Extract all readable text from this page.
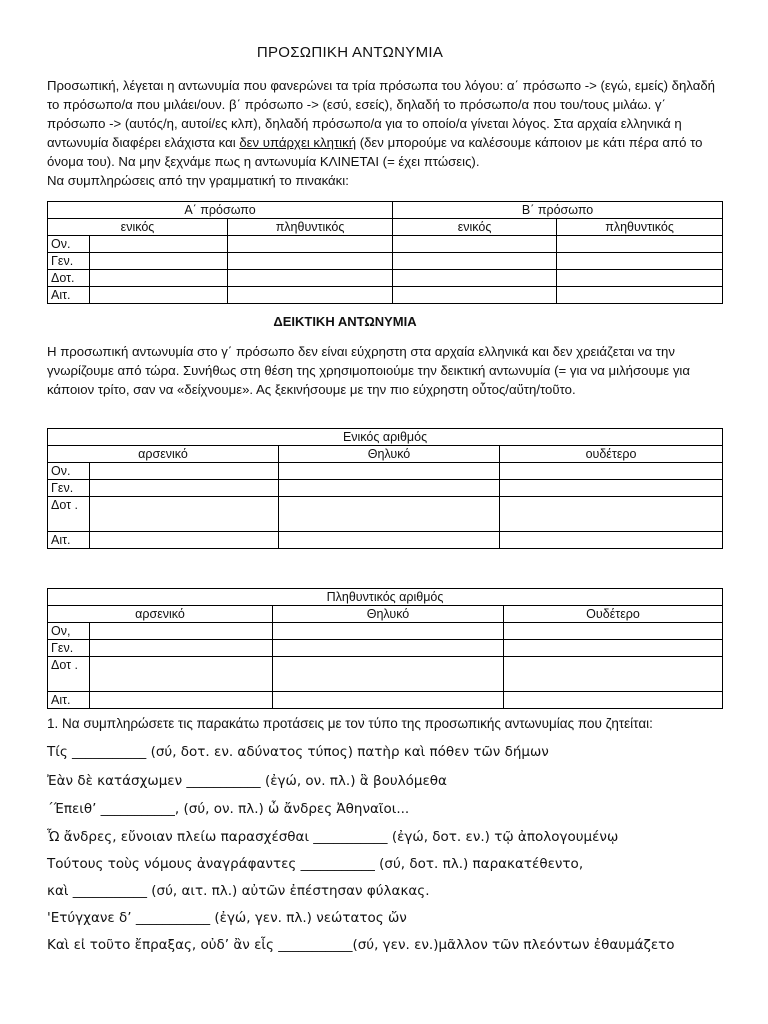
ΠΡΟΣΩΠΙΚΗ ΑΝΤΩΝΥΜΙΑ
Προσωπική, λέγεται η αντωνυμία που φανερώνει τα τρία πρόσωπα του λόγου: α΄ πρόσωπο -> (εγώ, εμείς) δηλαδή το πρόσωπο/α που μιλάει/ουν. β΄ πρόσωπο -> (εσύ, εσείς), δηλαδή το πρόσωπο/α που του/τους μιλάω. γ΄ πρόσωπο -> (αυτός/η, αυτοί/ες κλπ), δηλαδή πρόσωπο/α για το οποίο/α γίνεται λόγος. Στα αρχαία ελληνικά η αντωνυμία διαφέρει ελάχιστα και δεν υπάρχει κλητική (δεν μπορούμε να καλέσουμε κάποιον με κάτι πέρα από το όνομα του). Να μην ξεχνάμε πως η αντωνυμία ΚΛΙΝΕΤΑΙ (= έχει πτώσεις).
Να συμπληρώσεις από την γραμματική το πινακάκι:
Α΄ πρόσωπο			Β΄ πρόσωπο	
ενικός		πληθυντικός	ενικός	πληθυντικός
Ον.				
Γεν.				
Δοτ.				
Αιτ.				
ΔΕΙΚΤΙΚΗ ΑΝΤΩΝΥΜΙΑ
Η προσωπική αντωνυμία στο γ΄ πρόσωπο δεν είναι εύχρηστη στα αρχαία ελληνικά και δεν χρειάζεται να την γνωρίζουμε από τώρα. Συνήθως στη θέση της χρησιμοποιούμε την δεικτική αντωνυμία (= για να μιλήσουμε για κάποιον τρίτο, σαν να «δείχνουμε». Ας ξεκινήσουμε με την πιο εύχρηστη οὗτος/αὕτη/τοῦτο.
Ενικός αριθμός			
αρσενικό		Θηλυκό	ουδέτερο
Ον.			
Γεν.			
Δοτ .			
Αιτ.			
Πληθυντικός αριθμός			
αρσενικό		Θηλυκό	Ουδέτερο
Ον,			
Γεν.			
Δοτ .			
Αιτ.			
1. Να συμπληρώσετε τις παρακάτω προτάσεις με τον τύπο της προσωπικής αντωνυμίας που ζητείται:
Τίς ___________ (σύ, δοτ. εν. αδύνατος τύπος) πατὴρ καὶ πόθεν τῶν δήμων
Ἐὰν δὲ κατάσχωμεν ___________ (ἐγώ, ον. πλ.) ἃ βουλόμεθα
΄Έπειθ’ ___________, (σύ, ον. πλ.) ὦ ἄνδρες Ἀθηναῖοι...
Ὦ ἄνδρες, εὔνοιαν πλείω παρασχέσθαι ___________ (ἐγώ, δοτ. εν.) τῷ ἀπολογουμένῳ
Τούτους τοὺς νόμους ἀναγράφαντες ___________ (σύ, δοτ. πλ.) παρακατέθεντο,
καὶ ___________ (σύ, αιτ. πλ.) αὐτῶν ἐπέστησαν φύλακας.
'Ετύγχανε δ’ ___________ (ἐγώ, γεν. πλ.) νεώτατος ὤν
Καὶ εἰ τοῦτο ἔπραξας, οὐδ’ ἂν εἷς ___________(σύ, γεν. εν.)μᾶλλον τῶν πλεόντων ἐθαυμάζετο
